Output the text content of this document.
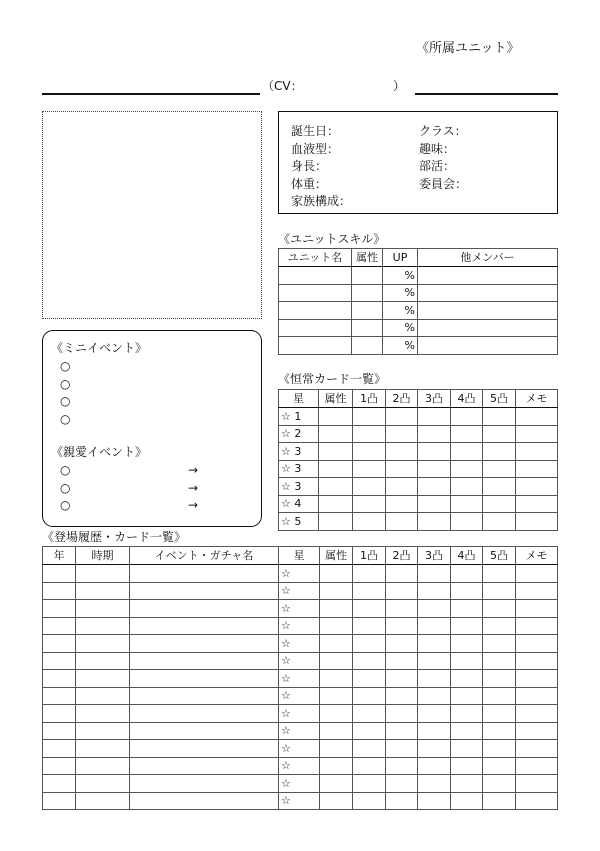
《所属ユニット》
（CV：	）
誕生日：
血液型：
身長：
体重：
家族構成：
クラス：
趣味：
部活：
委員会：
《ユニットスキル》
ユニット名	属性	UP	他メンバー
		%	
		%	
		%	
		%	
		%	
《ミニイベント》
○
○
○
○
《親愛イベント》
○	→
○	→
○	→
《恒常カード一覧》
星	属性	1凸	2凸	3凸	4凸	5凸	メモ
☆ 1							
☆ 2							
☆ 3							
☆ 3							
☆ 3							
☆ 4							
☆ 5							
《登場履歴・カード一覧》
年	時期	イベント・ガチャ名	星	属性	1凸	2凸	3凸	4凸	5凸	メモ
			☆							
			☆							
			☆							
			☆							
			☆							
			☆							
			☆							
			☆							
			☆							
			☆							
			☆							
			☆							
			☆							
			☆							
